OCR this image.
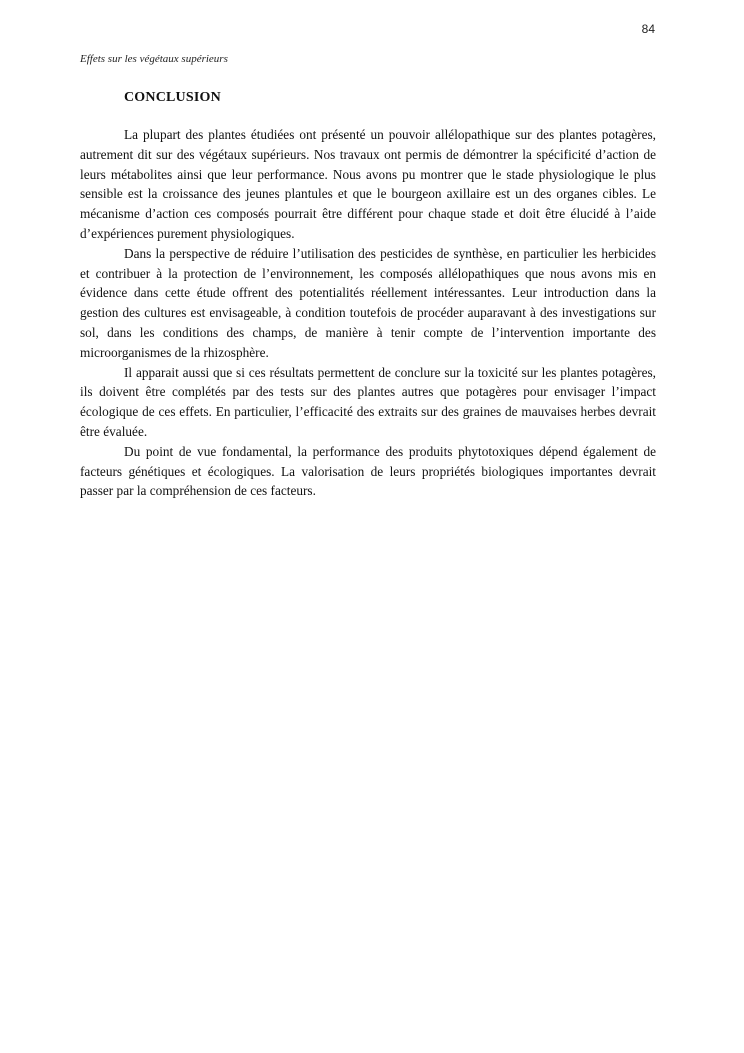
84
Effets sur les végétaux supérieurs
CONCLUSION

La plupart des plantes étudiées ont présenté un pouvoir allélopathique sur des plantes potagères, autrement dit sur des végétaux supérieurs. Nos travaux ont permis de démontrer la spécificité d’action de leurs métabolites ainsi que leur performance. Nous avons pu montrer que le stade physiologique le plus sensible est la croissance des jeunes plantules et que le bourgeon axillaire est un des organes cibles. Le mécanisme d’action ces composés pourrait être différent pour chaque stade et doit être élucidé à l’aide d’expériences purement physiologiques.

Dans la perspective de réduire l’utilisation des pesticides de synthèse, en particulier les herbicides et contribuer à la protection de l’environnement, les composés allélopathiques que nous avons mis en évidence dans cette étude offrent des potentialités réellement intéressantes. Leur introduction dans la gestion des cultures est envisageable, à condition toutefois de procéder auparavant à des investigations sur sol, dans les conditions des champs, de manière à tenir compte de l’intervention importante des microorganismes de la rhizosphère.

Il apparait aussi que si ces résultats permettent de conclure sur la toxicité sur les plantes potagères, ils doivent être complétés par des tests sur des plantes autres que potagères pour envisager l’impact écologique de ces effets. En particulier, l’efficacité des extraits sur des graines de mauvaises herbes devrait être évaluée.

Du point de vue fondamental, la performance des produits phytotoxiques dépend également de facteurs génétiques et écologiques. La valorisation de leurs propriétés biologiques importantes devrait passer par la compréhension de ces facteurs.
